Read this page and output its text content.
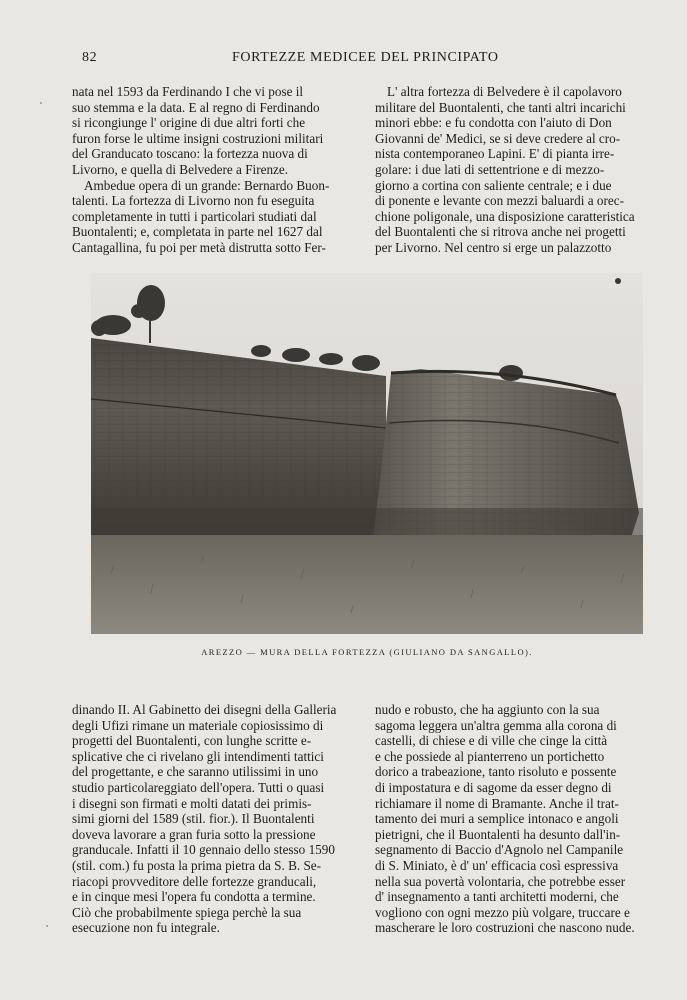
82	FORTEZZE MEDICEE DEL PRINCIPATO

nata nel 1593 da Ferdinando I che vi pose il

suo stemma e la data. E al regno di Ferdinando

si ricongiunge l' origine di due altri forti che

furon forse le ultime insigni costruzioni militari

del Granducato toscano: la fortezza nuova di

Livorno, e quella di Belvedere a Firenze.

Ambedue opera di un grande: Bernardo Buon-

talenti. La fortezza di Livorno non fu eseguita

completamente in tutti i particolari studiati dal

Buontalenti; e, completata in parte nel 1627 dal

Cantagallina, fu poi per metà distrutta sotto Fer-

L' altra fortezza di Belvedere è il capolavoro

militare del Buontalenti, che tanti altri incarichi

minori ebbe: e fu condotta con l'aiuto di Don

Giovanni de' Medici, se si deve credere al cro-

nista contemporaneo Lapini. E' di pianta irre-

golare: i due lati di settentrione e di mezzo-

giorno a cortina con saliente centrale; e i due

di ponente e levante con mezzi baluardi a orec-

chione poligonale, una disposizione caratteristica

del Buontalenti che si ritrova anche nei progetti

per Livorno. Nel centro si erge un palazzotto

AREZZO — MURA DELLA FORTEZZA (GIULIANO DA SANGALLO).

dinando II. Al Gabinetto dei disegni della Galleria

degli Ufizi rimane un materiale copiosissimo di

progetti del Buontalenti, con lunghe scritte e-

splicative che ci rivelano gli intendimenti tattici

del progettante, e che saranno utilissimi in uno

studio particolareggiato dell'opera. Tutti o quasi

i disegni son firmati e molti datati dei primis-

simi giorni del 1589 (stil. fior.). Il Buontalenti

doveva lavorare a gran furia sotto la pressione

granducale. Infatti il 10 gennaio dello stesso 1590

(stil. com.) fu posta la prima pietra da S. B. Se-

riacopi provveditore delle fortezze granducali,

e in cinque mesi l'opera fu condotta a termine.

Ciò che probabilmente spiega perchè la sua

esecuzione non fu integrale.

nudo e robusto, che ha aggiunto con la sua

sagoma leggera un'altra gemma alla corona di

castelli, di chiese e di ville che cinge la città

e che possiede al pianterreno un portichetto

dorico a trabeazione, tanto risoluto e possente

di impostatura e di sagome da esser degno di

richiamare il nome di Bramante. Anche il trat-

tamento dei muri a semplice intonaco e angoli

pietrigni, che il Buontalenti ha desunto dall'in-

segnamento di Baccio d'Agnolo nel Campanile

di S. Miniato, è d' un' efficacia così espressiva

nella sua povertà volontaria, che potrebbe esser

d' insegnamento a tanti architetti moderni, che

vogliono con ogni mezzo più volgare, truccare e

mascherare le loro costruzioni che nascono nude.
